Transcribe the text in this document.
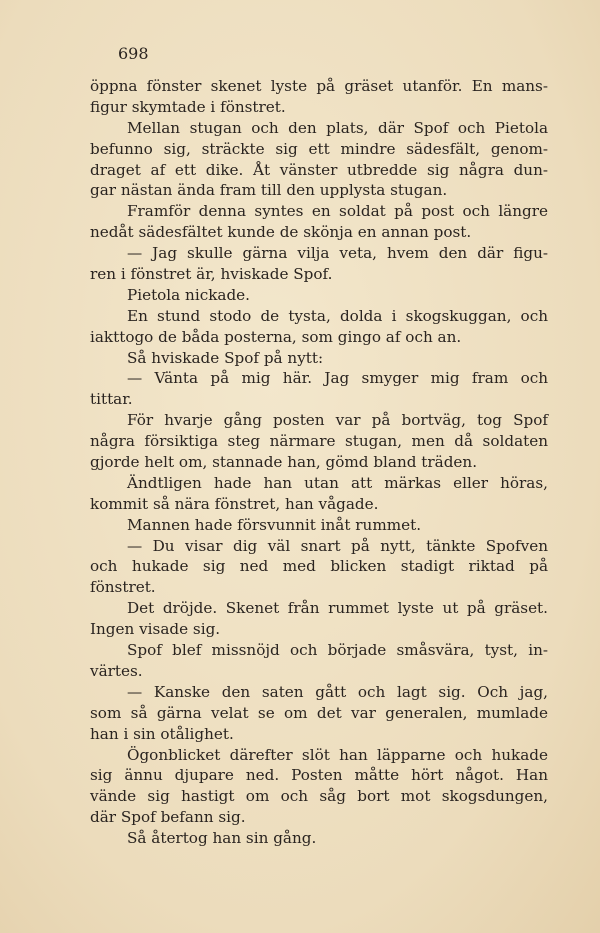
698
öppna fönster skenet lyste på gräset utanför. En mans-
figur skymtade i fönstret.
Mellan stugan och den plats, där Spof och Pietola
befunno sig, sträckte sig ett mindre sädesfält, genom-
draget af ett dike. Åt vänster utbredde sig några dun-
gar nästan ända fram till den upplysta stugan.
Framför denna syntes en soldat på post och längre
nedåt sädesfältet kunde de skönja en annan post.
— Jag skulle gärna vilja veta, hvem den där figu-
ren i fönstret är, hviskade Spof.
Pietola nickade.
En stund stodo de tysta, dolda i skogskuggan, och
iakttogo de båda posterna, som gingo af och an.
Så hviskade Spof på nytt:
— Vänta på mig här. Jag smyger mig fram och
tittar.
För hvarje gång posten var på bortväg, tog Spof
några försiktiga steg närmare stugan, men då soldaten
gjorde helt om, stannade han, gömd bland träden.
Ändtligen hade han utan att märkas eller höras,
kommit så nära fönstret, han vågade.
Mannen hade försvunnit inåt rummet.
— Du visar dig väl snart på nytt, tänkte Spofven
och hukade sig ned med blicken stadigt riktad på
fönstret.
Det dröjde. Skenet från rummet lyste ut på gräset.
Ingen visade sig.
Spof blef missnöjd och började småsvära, tyst, in-
värtes.
— Kanske den saten gått och lagt sig. Och jag,
som så gärna velat se om det var generalen, mumlade
han i sin otålighet.
Ögonblicket därefter slöt han läpparne och hukade
sig ännu djupare ned. Posten måtte hört något. Han
vände sig hastigt om och såg bort mot skogsdungen,
där Spof befann sig.
Så återtog han sin gång.
